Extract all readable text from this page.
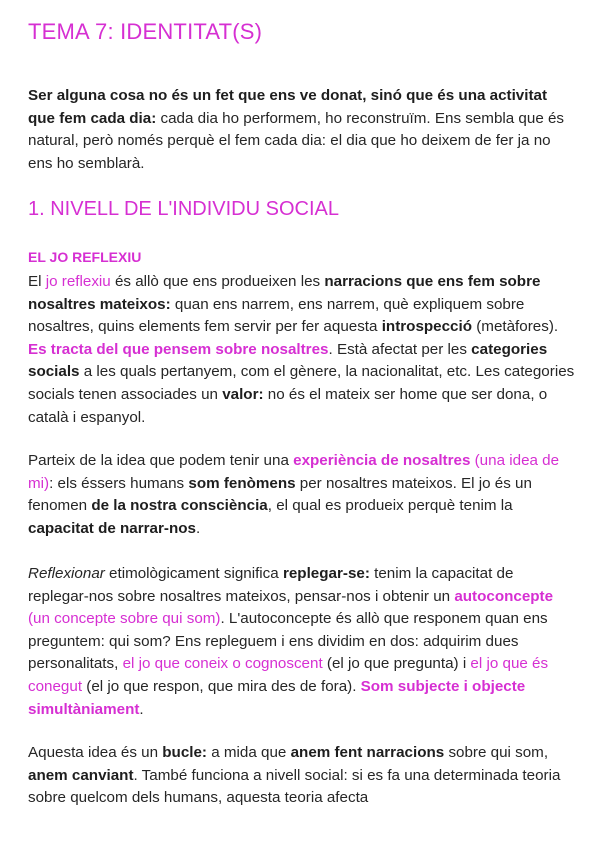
TEMA 7: IDENTITAT(S)
Ser alguna cosa no és un fet que ens ve donat, sinó que és una activitat que fem cada dia: cada dia ho performem, ho reconstruïm. Ens sembla que és natural, però només perquè el fem cada dia: el dia que ho deixem de fer ja no ens ho semblarà.
1. NIVELL DE L'INDIVIDU SOCIAL
EL JO REFLEXIU
El jo reflexiu és allò que ens produeixen les narracions que ens fem sobre nosaltres mateixos: quan ens narrem, ens narrem, què expliquem sobre nosaltres, quins elements fem servir per fer aquesta introspecció (metàfores). Es tracta del que pensem sobre nosaltres. Està afectat per les categories socials a les quals pertanyem, com el gènere, la nacionalitat, etc. Les categories socials tenen associades un valor: no és el mateix ser home que ser dona, o català i espanyol.
Parteix de la idea que podem tenir una experiència de nosaltres (una idea de mi): els éssers humans som fenòmens per nosaltres mateixos. El jo és un fenomen de la nostra consciència, el qual es produeix perquè tenim la capacitat de narrar-nos.
Reflexionar etimològicament significa replegar-se: tenim la capacitat de replegar-nos sobre nosaltres mateixos, pensar-nos i obtenir un autoconcepte (un concepte sobre qui som). L'autoconcepte és allò que responem quan ens preguntem: qui som? Ens repleguem i ens dividim en dos: adquirim dues personalitats, el jo que coneix o cognoscent (el jo que pregunta) i el jo que és conegut (el jo que respon, que mira des de fora). Som subjecte i objecte simultàniament.
Aquesta idea és un bucle: a mida que anem fent narracions sobre qui som, anem canviant. També funciona a nivell social: si es fa una determinada teoria sobre quelcom dels humans, aquesta teoria afecta
